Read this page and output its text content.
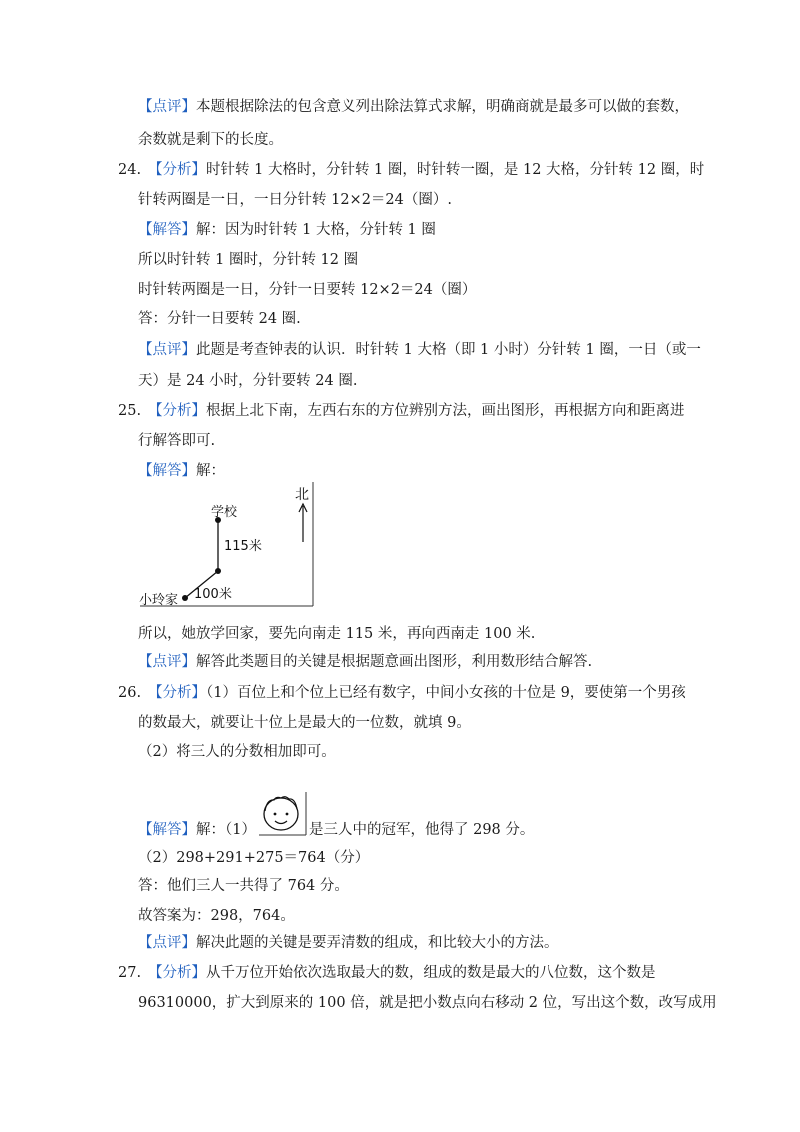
【点评】本题根据除法的包含意义列出除法算式求解，明确商就是最多可以做的套数，
余数就是剩下的长度。
24. 【分析】时针转 1 大格时，分针转 1 圈，时针转一圈，是 12 大格，分针转 12 圈，时
针转两圈是一日，一日分针转 12×2＝24（圈）.
【解答】解：因为时针转 1 大格，分针转 1 圈
所以时针转 1 圈时，分针转 12 圈
时针转两圈是一日，分针一日要转 12×2＝24（圈）
答：分针一日要转 24 圈.
【点评】此题是考查钟表的认识．时针转 1 大格（即 1 小时）分针转 1 圈，一日（或一
天）是 24 小时，分针要转 24 圈.
25. 【分析】根据上北下南，左西右东的方位辨别方法，画出图形，再根据方向和距离进
行解答即可.
【解答】解：
北
学校
115米
100米
小玲家
所以，她放学回家，要先向南走 115 米，再向西南走 100 米.
【点评】解答此类题目的关键是根据题意画出图形，利用数形结合解答.
26. 【分析】（1）百位上和个位上已经有数字，中间小女孩的十位是 9，要使第一个男孩
的数最大，就要让十位上是最大的一位数，就填 9。
（2）将三人的分数相加即可。
【解答】解：（1）	是三人中的冠军，他得了 298 分。
（2）298+291+275＝764（分）
答：他们三人一共得了 764 分。
故答案为：298，764。
【点评】解决此题的关键是要弄清数的组成，和比较大小的方法。
27. 【分析】从千万位开始依次选取最大的数，组成的数是最大的八位数，这个数是
96310000，扩大到原来的 100 倍，就是把小数点向右移动 2 位，写出这个数，改写成用
